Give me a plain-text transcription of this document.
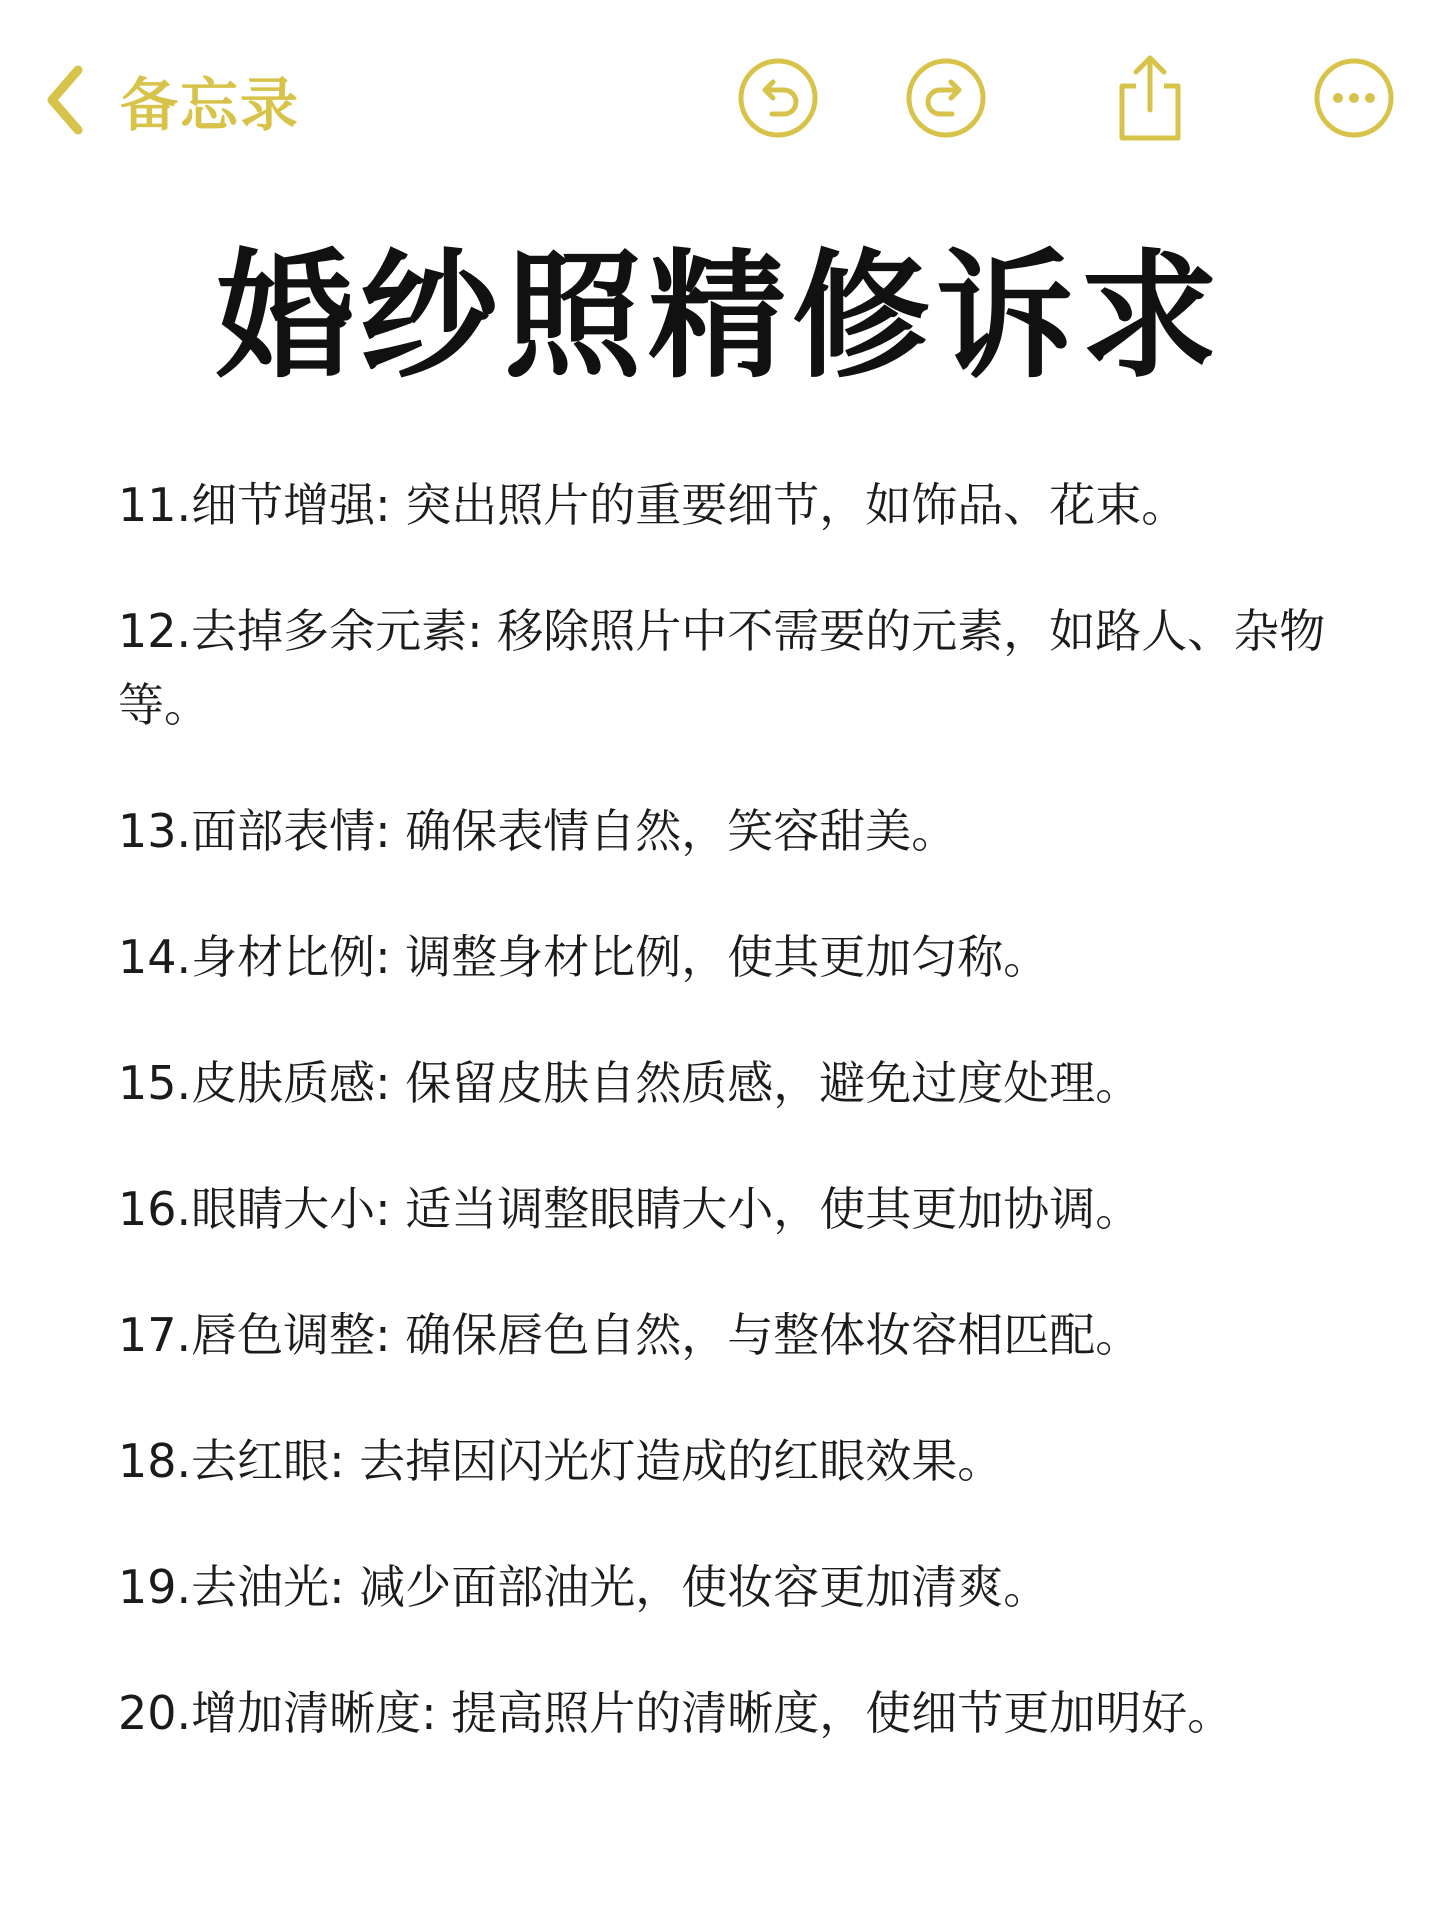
备忘录
婚纱照精修诉求
11.细节增强: 突出照片的重要细节，如饰品、花束。
12.去掉多余元素: 移除照片中不需要的元素，如路人、杂物等。
13.面部表情: 确保表情自然，笑容甜美。
14.身材比例: 调整身材比例，使其更加匀称。
15.皮肤质感: 保留皮肤自然质感，避免过度处理。
16.眼睛大小: 适当调整眼睛大小，使其更加协调。
17.唇色调整: 确保唇色自然，与整体妆容相匹配。
18.去红眼: 去掉因闪光灯造成的红眼效果。
19.去油光: 减少面部油光，使妆容更加清爽。
20.增加清晰度: 提高照片的清晰度，使细节更加明好。
